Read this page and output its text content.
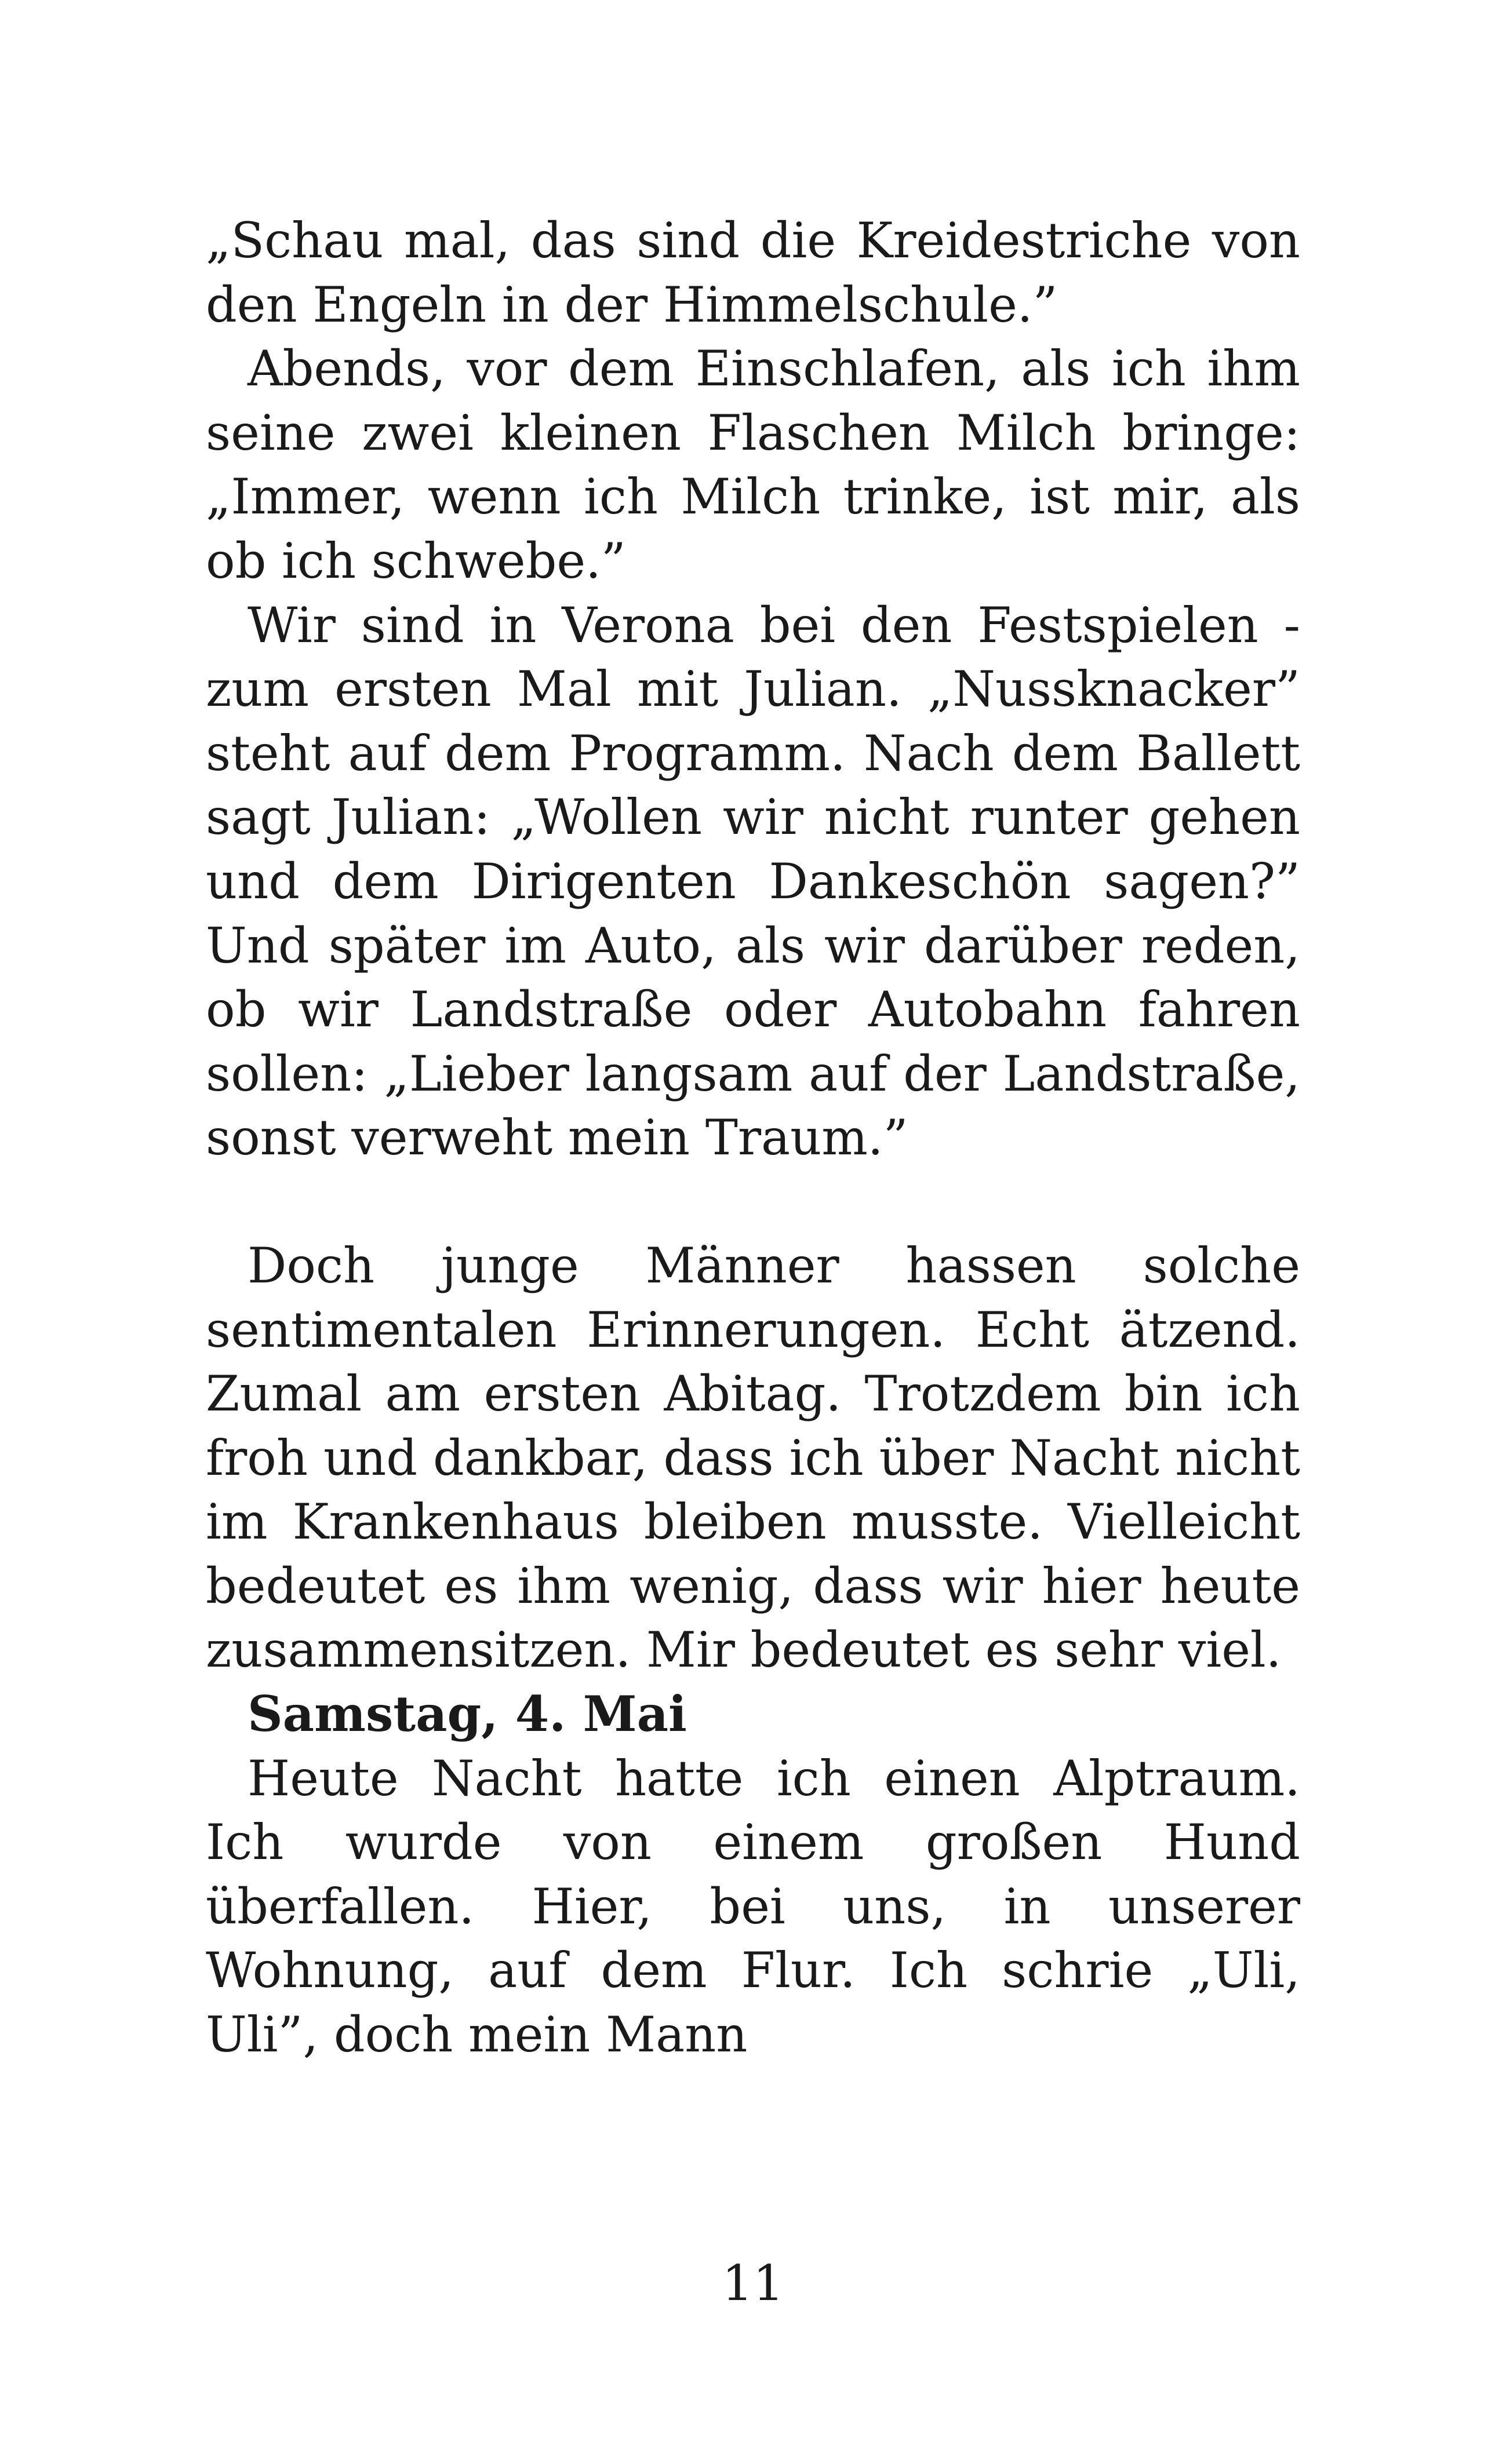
„Schau mal, das sind die Kreidestriche von den Engeln in der Himmelschule.”

Abends, vor dem Einschlafen, als ich ihm seine zwei kleinen Flaschen Milch bringe: „Immer, wenn ich Milch trinke, ist mir, als ob ich schwebe.”

Wir sind in Verona bei den Festspielen - zum ersten Mal mit Julian. „Nussknacker” steht auf dem Programm. Nach dem Ballett sagt Julian: „Wollen wir nicht runter gehen und dem Dirigenten Dankeschön sagen?” Und später im Auto, als wir darüber reden, ob wir Landstraße oder Autobahn fahren sollen: „Lieber langsam auf der Landstraße, sonst verweht mein Traum.”

Doch junge Männer hassen solche sentimentalen Erinnerungen. Echt ätzend. Zumal am ersten Abitag. Trotzdem bin ich froh und dankbar, dass ich über Nacht nicht im Krankenhaus bleiben musste. Vielleicht bedeutet es ihm wenig, dass wir hier heute zusammensitzen. Mir bedeutet es sehr viel.

Samstag, 4. Mai

Heute Nacht hatte ich einen Alptraum. Ich wurde von einem großen Hund überfallen. Hier, bei uns, in unserer Wohnung, auf dem Flur. Ich schrie „Uli, Uli”, doch mein Mann

11
